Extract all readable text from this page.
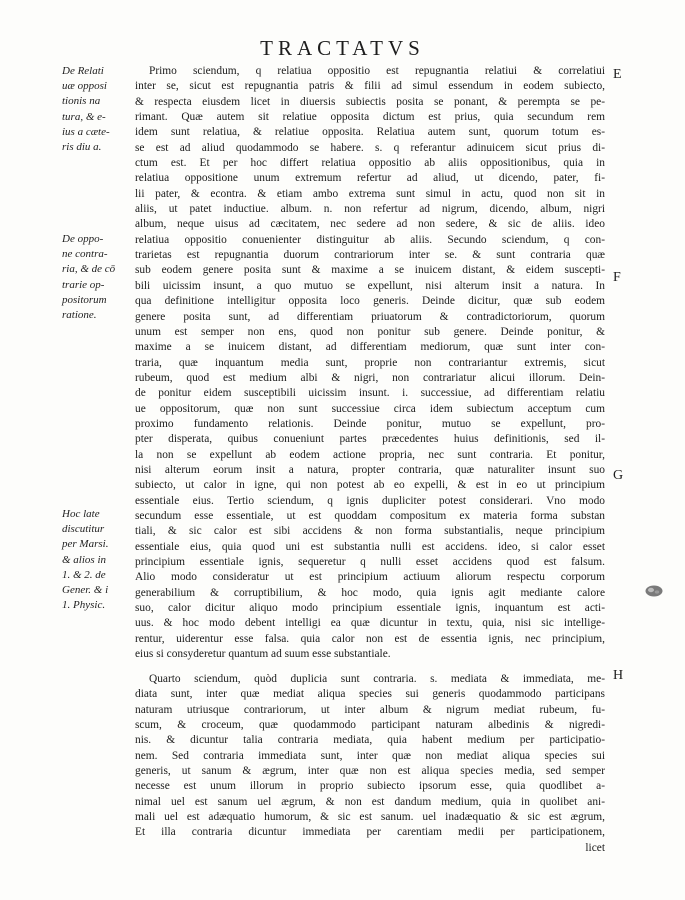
TRACTATVS
De Relati
uæ opposi
tionis na
tura, & e-
ius a cæte-
ris diu a.
De oppo-
ne contra-
ria, & de cō
trarie op-
positorum
ratione.
Hoc late
discutitur
per Marsi.
& alios in
1. & 2. de
Gener. & i
1. Physic.
Primo sciendum, q relatiua oppositio est repugnantia relatiui & correlatiui
inter se, sicut est repugnantia patris & filii ad simul essendum in eodem subiecto,
& respecta eiusdem licet in diuersis subiectis posita se ponant, & perempta se pe-
rimant. Quæ autem sit relatiue opposita dictum est prius, quia secundum rem
idem sunt relatiua, & relatiue opposita. Relatiua autem sunt, quorum totum es-
se est ad aliud quodammodo se habere. s. q referantur adinuicem sicut prius di-
ctum est. Et per hoc differt relatiua oppositio ab aliis oppositionibus, quia in
relatiua oppositione unum extremum refertur ad aliud, ut dicendo, pater, fi-
lii pater, & econtra. & etiam ambo extrema sunt simul in actu, quod non sit in
aliis, ut patet inductiue. album. n. non refertur ad nigrum, dicendo, album, nigri
album, neque uisus ad cæcitatem, nec sedere ad non sedere, & sic de aliis. ideo
relatiua oppositio conuenienter distinguitur ab aliis. Secundo sciendum, q con-
trarietas est repugnantia duorum contrariorum inter se. & sunt contraria quæ
sub eodem genere posita sunt & maxime a se inuicem distant, & eidem suscepti-
bili uicissim insunt, a quo mutuo se expellunt, nisi alterum insit a natura. In
qua definitione intelligitur opposita loco generis. Deinde dicitur, quæ sub eodem
genere posita sunt, ad differentiam priuatorum & contradictoriorum, quorum
unum est semper non ens, quod non ponitur sub genere. Deinde ponitur, &
maxime a se inuicem distant, ad differentiam mediorum, quæ sunt inter con-
traria, quæ inquantum media sunt, proprie non contrariantur extremis, sicut
rubeum, quod est medium albi & nigri, non contrariatur alicui illorum. Dein-
de ponitur eidem susceptibili uicissim insunt. i. successiue, ad differentiam relatiu
ue oppositorum, quæ non sunt successiue circa idem subiectum acceptum cum
proximo fundamento relationis. Deinde ponitur, mutuo se expellunt, pro-
pter disperata, quibus conueniunt partes præcedentes huius definitionis, sed il-
la non se expellunt ab eodem actione propria, nec sunt contraria. Et ponitur,
nisi alterum eorum insit a natura, propter contraria, quæ naturaliter insunt suo
subiecto, ut calor in igne, qui non potest ab eo expelli, & est in eo ut principium
essentiale eius. Tertio sciendum, q ignis dupliciter potest considerari. Vno modo
secundum esse essentiale, ut est quoddam compositum ex materia forma substan
tiali, & sic calor est sibi accidens & non forma substantialis, neque principium
essentiale eius, quia quod uni est substantia nulli est accidens. ideo, si calor esset
principium essentiale ignis, sequeretur q nulli esset accidens quod est falsum.
Alio modo consideratur ut est principium actiuum aliorum respectu corporum
generabilium & corruptibilium, & hoc modo, quia ignis agit mediante calore
suo, calor dicitur aliquo modo principium essentiale ignis, inquantum est acti-
uus. & hoc modo debent intelligi ea quæ dicuntur in textu, quia, nisi sic intellige-
rentur, uiderentur esse falsa. quia calor non est de essentia ignis, nec principium,
eius si consyderetur quantum ad suum esse substantiale.
Quarto sciendum, quòd duplicia sunt contraria. s. mediata & immediata, me-
diata sunt, inter quæ mediat aliqua species sui generis quodammodo participans
naturam utriusque contrariorum, ut inter album & nigrum mediat rubeum, fu-
scum, & croceum, quæ quodammodo participant naturam albedinis & nigredi-
nis. & dicuntur talia contraria mediata, quia habent medium per participatio-
nem. Sed contraria immediata sunt, inter quæ non mediat aliqua species sui
generis, ut sanum & ægrum, inter quæ non est aliqua species media, sed semper
necesse est unum illorum in proprio subiecto ipsorum esse, quia quodlibet a-
nimal uel est sanum uel ægrum, & non est dandum medium, quia in quolibet ani-
mali uel est adæquatio humorum, & sic est sanum. uel inadæquatio & sic est ægrum,
Et illa contraria dicuntur immediata per carentiam medii per participationem,
licet
E
F
G
H
